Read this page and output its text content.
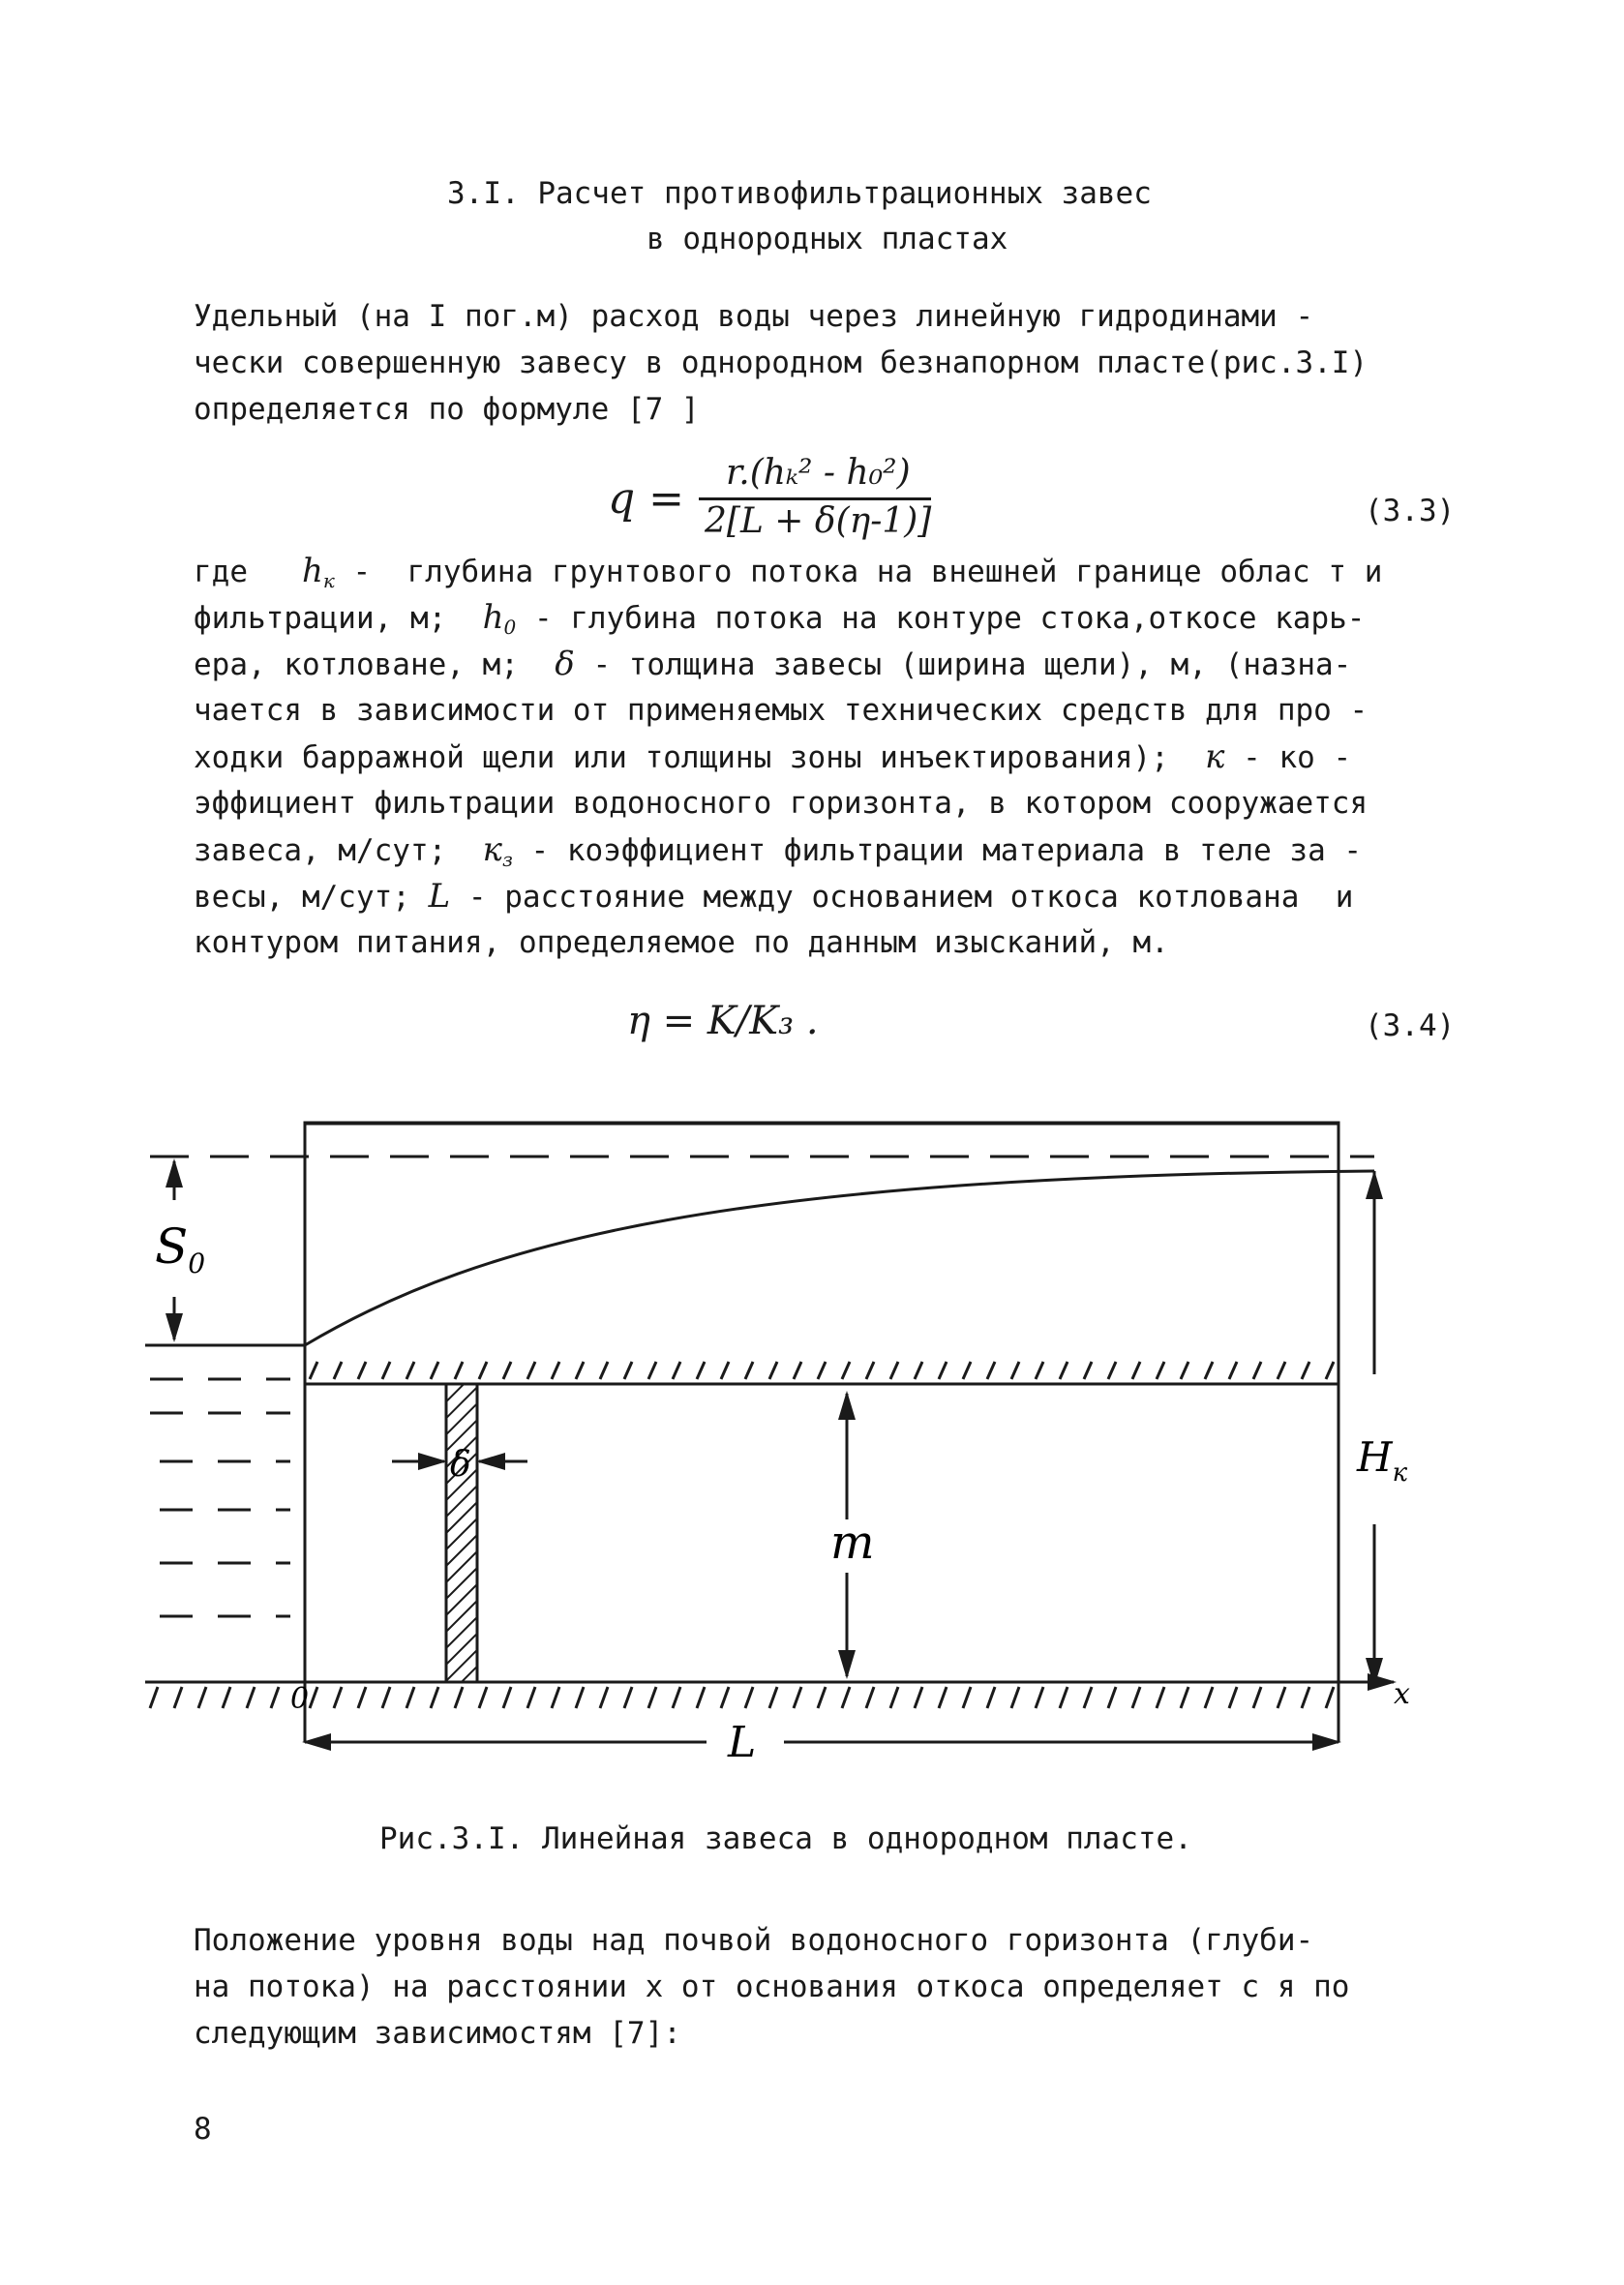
3.I. Расчет противофильтрационных завес
в однородных пластах
Удельный (на I пог.м) расход воды через линейную гидродинами -
чески совершенную завесу в однородном безнапорном пласте(рис.3.I)
определяется по формуле [7 ]
q =
r.(hₖ² - h₀²)
2[L + δ(η-1)]	(3.3)
где $h_к$ -  глубина грунтового потока на внешней границе облас т и
фильтрации, м; $h_0$ - глубина потока на контуре стока,откосе карь-
ера, котловане, м; δ - толщина завесы (ширина щели), м, (назна-
чается в зависимости от применяемых технических средств для про -
ходки барражной щели или толщины зоны инъектирования); к - ко -
эффициент фильтрации водоносного горизонта, в котором сооружается
завеса, м/сут; $к_з$ - коэффициент фильтрации материала в теле за -
весы, м/сут; L - расстояние между основанием откоса котлована  и
контуром питания, определяемое по данным изысканий, м.
η = K/K₃ .	(3.4)
$S_0$
δ
m
$H_к$
x
0
L
Рис.3.I. Линейная завеса в однородном пласте.
Положение уровня воды над почвой водоносного горизонта (глуби-
на потока) на расстоянии x от основания откоса определяет с я по
следующим зависимостям [7]:
8
